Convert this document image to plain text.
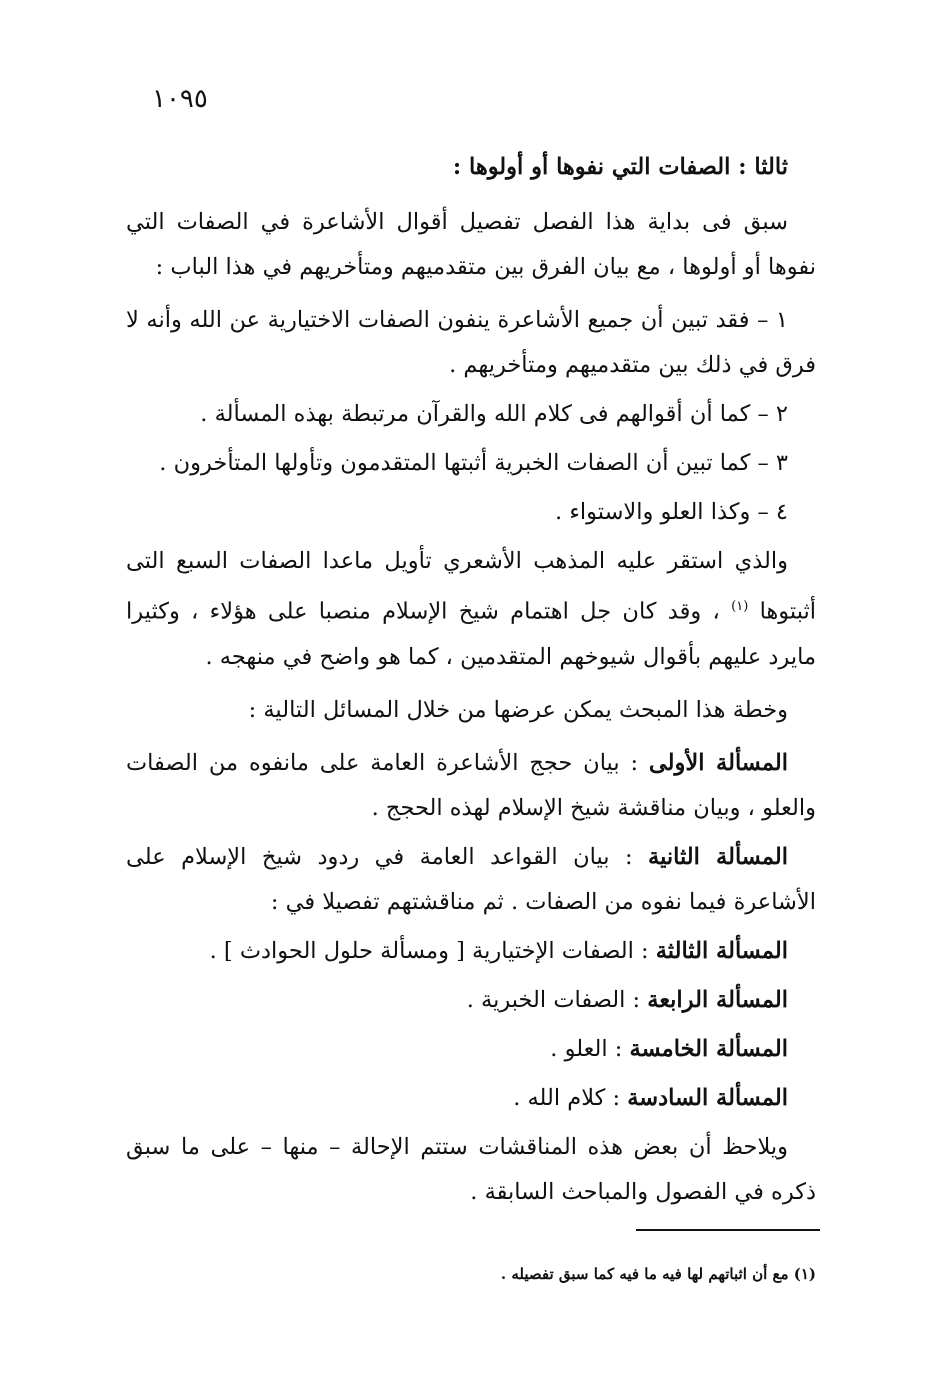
١٠٩٥

ثالثا : الصفات التي نفوها أو أولوها :

سبق فى بداية هذا الفصل تفصيل أقوال الأشاعرة في الصفات التي نفوها أو أولوها ، مع بيان الفرق بين متقدميهم ومتأخريهم في هذا الباب :

١ – فقد تبين أن جميع الأشاعرة ينفون الصفات الاختيارية عن الله وأنه لا فرق في ذلك بين متقدميهم ومتأخريهم .

٢ – كما أن أقوالهم فى كلام الله والقرآن مرتبطة بهذه المسألة .

٣ – كما تبين أن الصفات الخبرية أثبتها المتقدمون وتأولها المتأخرون .

٤ – وكذا العلو والاستواء .

والذي استقر عليه المذهب الأشعري تأويل ماعدا الصفات السبع التى أثبتوها $^{(١)}$ ، وقد كان جل اهتمام شيخ الإسلام منصبا على هؤلاء ، وكثيرا مايرد عليهم بأقوال شيوخهم المتقدمين ، كما هو واضح في منهجه .

وخطة هذا المبحث يمكن عرضها من خلال المسائل التالية :

المسألة الأولى : بيان حجج الأشاعرة العامة على مانفوه من الصفات والعلو ، وبيان مناقشة شيخ الإسلام لهذه الحجج .

المسألة الثانية : بيان القواعد العامة في ردود شيخ الإسلام على الأشاعرة فيما نفوه من الصفات . ثم مناقشتهم تفصيلا في :

المسألة الثالثة : الصفات الإختيارية [ ومسألة حلول الحوادث ] .

المسألة الرابعة : الصفات الخبرية .

المسألة الخامسة : العلو .

المسألة السادسة : كلام الله .

ويلاحظ أن بعض هذه المناقشات ستتم الإحالة – منها – على ما سبق ذكره في الفصول والمباحث السابقة .

(١) مع أن اثباتهم لها فيه ما فيه كما سبق تفصيله .
